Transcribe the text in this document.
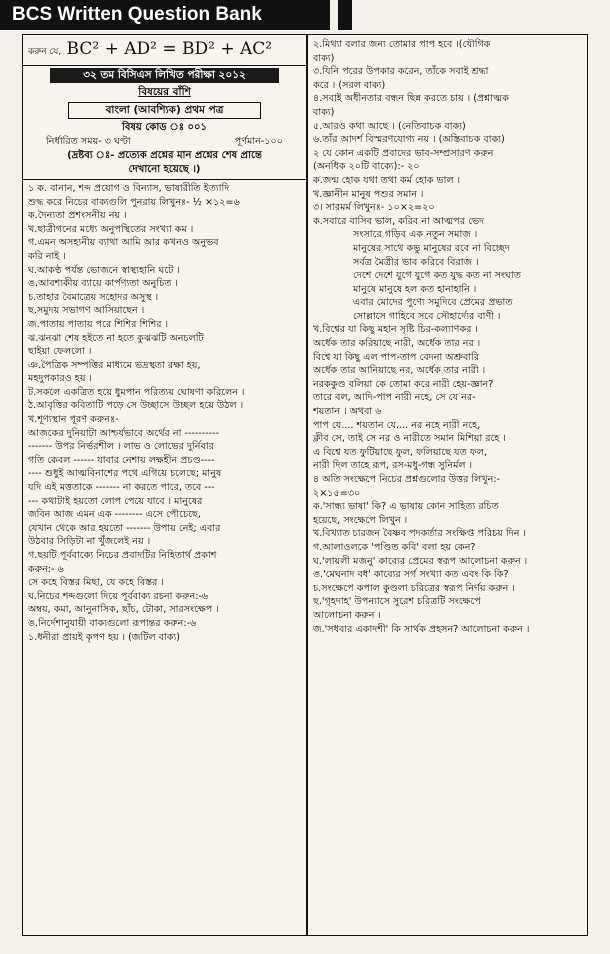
BCS Written Question Bank
করুন যে, BC² + AD² = BD² + AC²
৩২ তম বিসিএস লিখিত পরীক্ষা ২০১২
বিষয়ের বাঁশি
বাংলা (আবশ্যিক) প্রথম পত্র
বিষয় কোড ঃ ০০১
নির্ধারিত সময়- ৩ ঘণ্টা	পূর্ণমান-১০০
(দ্রষ্টব্য ঃ- প্রত্যেক প্রশ্নের মান প্রশ্নের শেষ প্রান্তে
দেখানো হয়েছে ।)
১ ক. বানান, শব্দ প্রয়োগ ও বিন্যাস, ভাষারীতি ইত্যাদি
শুদ্ধ করে নিচের বাক্যগুলি পুনরায় লিখুনঃ- ½ ×১২=৬
ক.দৈন্যতা প্রশংসনীয় নয় ।
খ.ছাত্রীগনের মধ্যে অনুপস্থিতের সংখ্যা কম ।
গ.এমন অসহ্যনীয় ব্যাথা আমি আর কখনও অনুভব
করি নাই ।
ঘ.আকণ্ঠ পর্যন্ত ভোজনে স্বাস্থ্যহানি ঘটে ।
ঙ.আবশ্যকীয় ব্যায়ে কার্পণ্যতা অনুচিত ।
চ.তাহার বৈমাত্রেয় সহোদর অসুস্থ ।
ছ.সমুদয় সভাগণ আসিয়াছেন ।
জ.পাতায় পাতায় পরে শিশির শিশির ।
ঝ.ঝনঝা শেষ হইতে না হতে কুঝঝটি অনচলটি
ছাইয়া ফেললো ।
ঞ.পৈত্রিক সম্পত্তির মাধ্যমে ভদ্রস্থতা রক্ষা হয়,
মহদুপকারও হয় ।
ট.সকলে একত্রিত হয়ে ধুমপান পরিত্যয় ঘোষণা করিলেন ।
ঠ.আবৃত্তির কবিতাটি পড়ে সে উচ্ছাসে উচ্ছল হয়ে উঠল ।
খ.শূণ্যস্থান পূরণ করুনঃ-
আজকের দুনিয়াটা আশ্চর্যভাবে অর্থের না ----------
------- উপর নির্ভরশীল । লাভ ও লোভের দুর্নিবার
গতি কেবল ------ যাবার নেশায় লক্ষহীন প্রচণ্ড----
---- শুধুই আত্মবিনাশের পথে এগিয়ে চলেছে; মানুষ
যদি এই মত্ততাকে ------- না করতে পারে, তবে ---
--- কথাটাই হয়তো লোপ পেয়ে যাবে । মানুষের
জবিন আজ এমন এক -------- এসে পৌচেছে,
যেখান থেকে আর হয়তো ------- উপায় নেই; এবার
উঠবার সিড়িটা না খুঁজলেই নয় ।
গ.ছয়টি পূর্ববাক্যে নিচের প্রবাদটির নিহিতার্থ প্রকাশ
করুন:- ৬
সে কহে বিস্তর মিছা, যে কহে বিস্তর ।
ঘ.নিচের শব্দগুলো দিয়ে পূর্ববাক্য রচনা করুন:-৬
অম্বয়, কমা, আনুনাসিক, ছাঁচ, টোকা, সারসংক্ষেপ ।
ঙ.নির্দেশানুযায়ী বাক্যগুলো রূপান্তর করুন:-৬
১.ধনীরা প্রায়ই কৃপণ হয় । (জটিল বাক্য)
২.মিথ্যা বলার জন্য তোমার পাপ হবে ।(যৌগিক
বাক্য)
৩.যিনি পরের উপকার করেন, তাঁকে সবাই শ্রদ্ধা
করে । (সরল বাক্য)
৪.সবাই অধীনতার বন্ধন ছিন্ন করতে চায় । (প্রশ্নাত্মক
বাক্য)
৫.আরও কথা আছে । (নেতিবাচক বাক্য)
৬.তাঁর আদর্শ বিস্মরণযোগ্য নয় । (অস্তিবাচক বাক্য)
২ যে কোন একটি প্রবাদের ভাব-সম্প্রসারণ করুন
(অনধিক ২০টি বাক্যে):- ২০
ক.জন্ম হোক যথা তথা কর্ম হোক ভাল ।
খ.জ্ঞানীন মানুষ পশুর সমান ।
৩। সারমর্ম লিখুনঃ- ১০×২=২০
ক.সবারে বাসিব ভাল, করিব না আত্মপর ভেদ
সংসারে গড়িব এক নতুন সমাজ ।
মানুষের সাথে কভু মানুষের রবে না বিচ্ছেদ
সর্বত্র মৈত্রীর ভাব করিবে বিরাজ ।
দেশে দেশে যুগে যুগে কত যুদ্ধ কত না সংঘাত
মানুষে মানুষে হল কত হানাহানি ।
এবার মোদের পুণ্যে সমুদিবে প্রেমের প্রভাত
সোল্লাসে গাহিবে সবে সৌহার্দ্যের বাণী ।
খ.বিশ্বের যা কিছু মহান সৃষ্টি চির-কল্যাণকর ।
অর্ধেক তার করিয়াছে নারী, অর্ধেক তার নর ।
বিশ্বে যা কিছু এল পাপ-তাপ বেদনা অশ্রুবারি
অর্ধেক তার আনিয়াছে নর, অর্ধেক তার নারী ।
নরককুণ্ড বলিয়া কে তোমা করে নারী হেয়-জ্ঞান?
তারে বল, আদি-পাপ নারী নহে, সে যে নর-
শয়তান । অথবা ৬
পাপ যে.... শয়তান যে.... নর নহে নারী নহে,
ক্লীব সে, তাই সে নর ও নারীতে সমান মিশিয়া রহে ।
এ বিশ্বে যত ফুটিয়াছে ফুল, ফলিয়াছে যত ফল,
নারী দিল তাহে রূপ, রস-মধু-গন্ধ সুনির্মল ।
৪ অতি সংক্ষেপে নিচের প্রশ্নগুলোর উত্তর লিখুন:-
২×১৫=৩০
ক.'সান্ধ্য ভাষা' কি? এ ভাষায় কোন সাহিত্য রচিত
হয়েছে, সংক্ষেপে লিখুন ।
খ.বিখ্যাত চারজন বৈষ্ণব পদকর্তার সংক্ষিপ্ত পরিচয় দিন ।
গ.আলাওলকে 'পণ্ডিত কবি' বলা হয় কেন?
ঘ.'লায়লী মজনু' কাব্যের প্রেমের স্বরূপ আলোচনা করুন ।
ঙ.'মেঘনাদ বধ' কাব্যের সর্গ সংখ্যা কত এবং কি কি?
চ.সংক্ষেপে কপাল কুণ্ডলা চরিত্রের স্বরূপ নির্ণয় করুন ।
ছ.'গৃহদাহ' উপন্যাসে সুরেশ চরিত্রটি সংক্ষেপে
আলোচনা করুন ।
জ.'সধবার একাদশী' কি সার্থক প্রহসন? আলোচনা করুন ।
